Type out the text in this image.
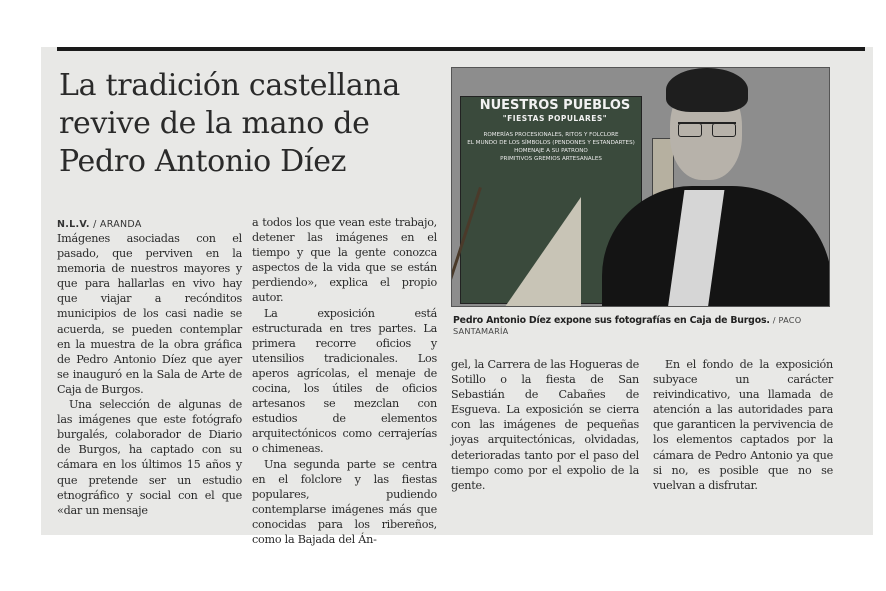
La tradición castellana revive de la mano de Pedro Antonio Díez
N.L.V. / ARANDA

Imágenes asociadas con el pasado, que perviven en la memoria de nuestros mayores y que para hallarlas en vivo hay que viajar a recónditos municipios de los casi nadie se acuerda, se pueden contemplar en la muestra de la obra gráfica de Pedro Antonio Díez que ayer se inauguró en la Sala de Arte de Caja de Burgos.

Una selección de algunas de las imágenes que este fotógrafo burgalés, colaborador de Diario de Burgos, ha captado con su cámara en los últimos 15 años y que pretende ser un estudio etnográfico y social con el que «dar un mensaje

a todos los que vean este trabajo, detener las imágenes en el tiempo y que la gente conozca aspectos de la vida que se están perdiendo», explica el propio autor.

La exposición está estructurada en tres partes. La primera recorre oficios y utensilios tradicionales. Los aperos agrícolas, el menaje de cocina, los útiles de oficios artesanos se mezclan con estudios de elementos arquitectónicos como cerrajerías o chimeneas.

Una segunda parte se centra en el folclore y las fiestas populares, pudiendo contemplarse imágenes más que conocidas para los ribereños, como la Bajada del Án-

NUESTROS PUEBLOS
"FIESTAS POPULARES"
ROMERÍAS PROCESIONALES, RITOS Y FOLCLORE
EL MUNDO DE LOS SÍMBOLOS (PENDONES Y ESTANDARTES)
HOMENAJE A SU PATRONO
PRIMITIVOS GREMIOS ARTESANALES
Pedro Antonio Díez expone sus fotografías en Caja de Burgos. / PACO SANTAMARÍA

gel, la Carrera de las Hogueras de Sotillo o la fiesta de San Sebastián de Cabañes de Esgueva. La exposición se cierra con las imágenes de pequeñas joyas arquitectónicas, olvidadas, deterioradas tanto por el paso del tiempo como por el expolio de la gente.

En el fondo de la exposición subyace un carácter reivindicativo, una llamada de atención a las autoridades para que garanticen la pervivencia de los elementos captados por la cámara de Pedro Antonio ya que si no, es posible que no se vuelvan a disfrutar.
